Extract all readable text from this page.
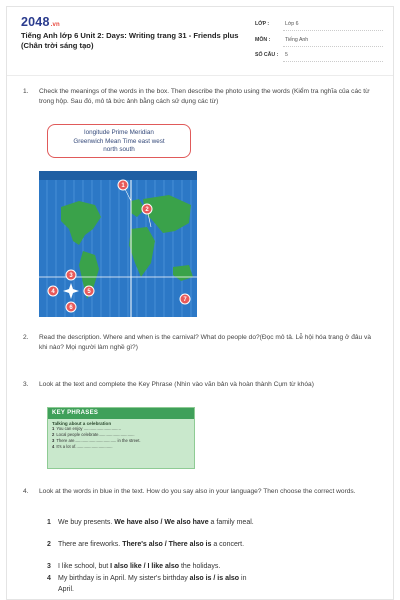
2048.vn
Tiếng Anh lớp 6 Unit 2: Days: Writing trang 31 - Friends plus (Chân trời sáng tạo)
LỚP :	Lớp 6
MÔN :	Tiếng Anh
SỐ CÂU : 5
1.	Check the meanings of the words in the box. Then describe the photo using the words (Kiểm tra nghĩa của các từ trong hộp. Sau đó, mô tả bức ảnh bằng cách sử dụng các từ)
longitude Prime Meridian
Greenwich Mean Time east west
north south
1
2
3
4	5
6
7
2.	Read the description. Where and when is the carnival? What do people do?(Đọc mô tả. Lễ hội hóa trang ở đâu và khi nào? Mọi người làm nghề gì?)
3.	Look at the text and complete the Key Phrase (Nhìn vào văn bản và hoàn thành Cụm từ khóa)
KEY PHRASES
Talking about a celebration
1 You can enjoy ................................
2 Local people celebrate...............................
3 There are.................................... in the street.
4 It's a lot of................................
4.	Look at the words in blue in the text. How do you say also in your language? Then choose the correct words.
1 We buy presents. We have also / We also have a family meal.
2 There are fireworks. There's also / There also is a concert.
3 I like school, but I also like / I like also the holidays.
4 My birthday is in April. My sister's birthday also is / is also in April.
